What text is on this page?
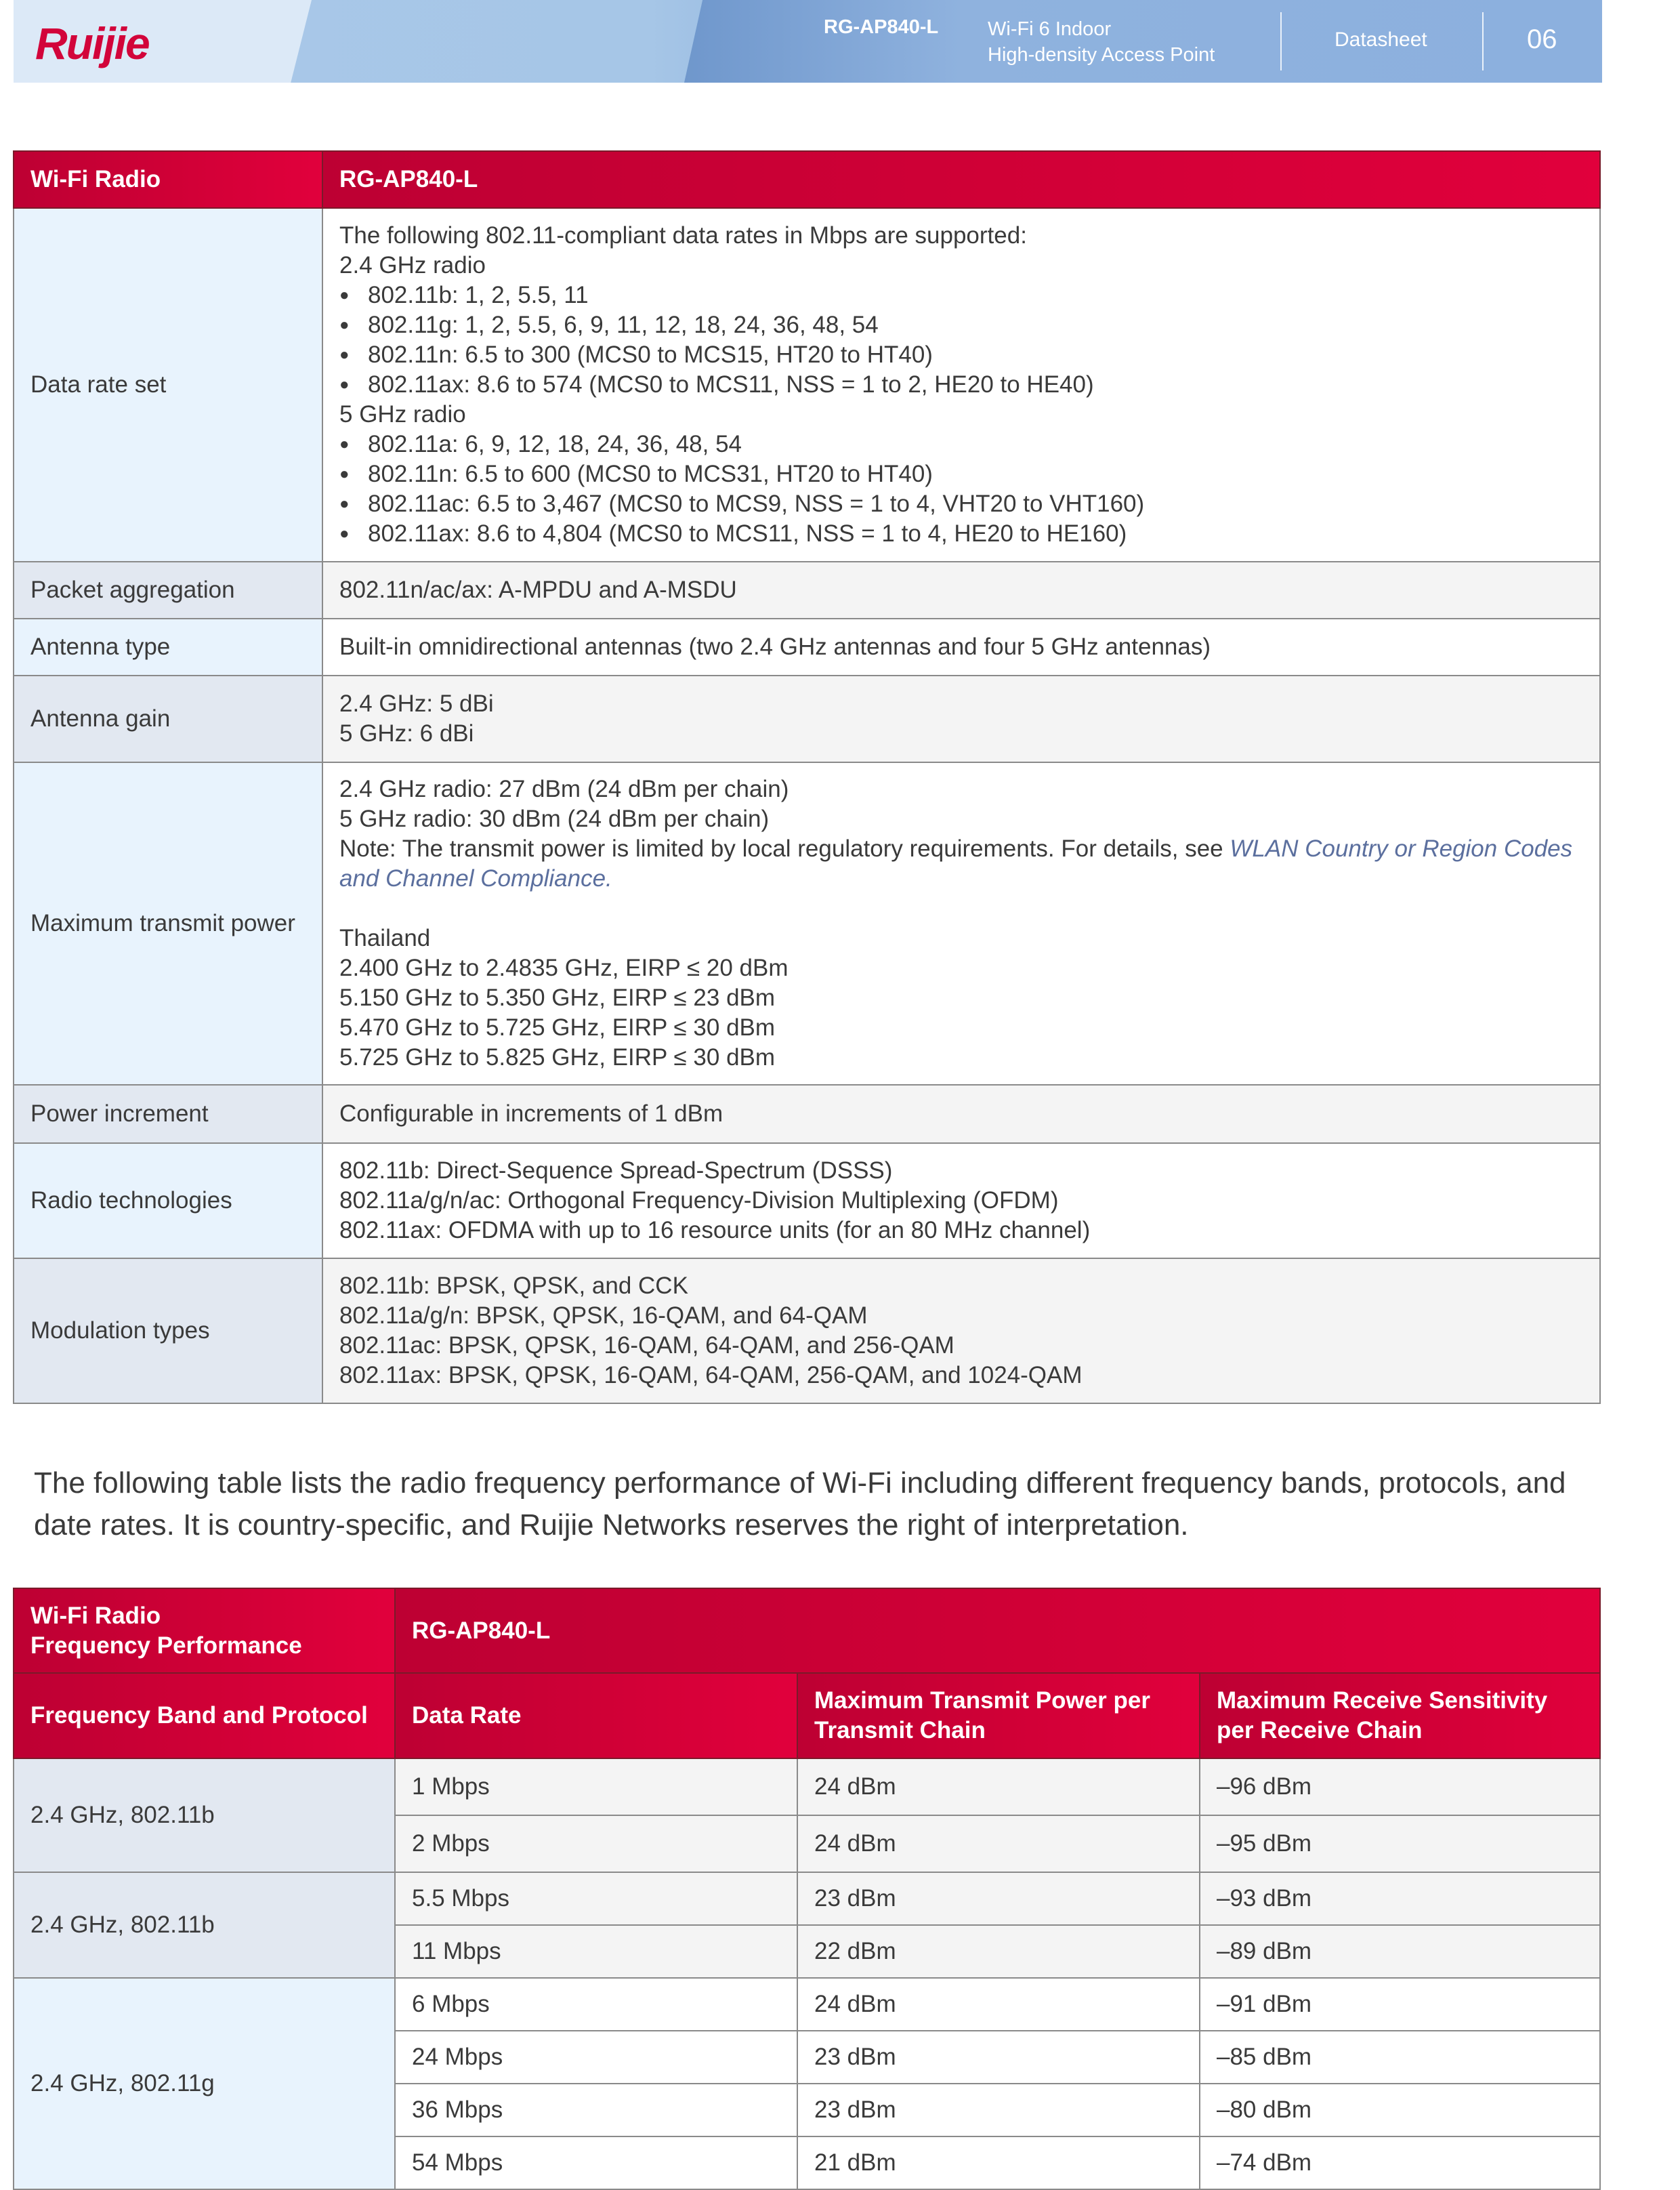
Ruijie	RG-AP840-L	Wi-Fi 6 Indoor
High-density Access Point
Datasheet	06
Wi-Fi Radio	RG-AP840-L
Data rate set	
The following 802.11-compliant data rates in Mbps are supported:
2.4 GHz radio
● 802.11b: 1, 2, 5.5, 11
● 802.11g: 1, 2, 5.5, 6, 9, 11, 12, 18, 24, 36, 48, 54
● 802.11n: 6.5 to 300 (MCS0 to MCS15, HT20 to HT40)
● 802.11ax: 8.6 to 574 (MCS0 to MCS11, NSS = 1 to 2, HE20 to HE40)
5 GHz radio
● 802.11a: 6, 9, 12, 18, 24, 36, 48, 54
● 802.11n: 6.5 to 600 (MCS0 to MCS31, HT20 to HT40)
● 802.11ac: 6.5 to 3,467 (MCS0 to MCS9, NSS = 1 to 4, VHT20 to VHT160)
● 802.11ax: 8.6 to 4,804 (MCS0 to MCS11, NSS = 1 to 4, HE20 to HE160)

Packet aggregation	802.11n/ac/ax: A-MPDU and A-MSDU
Antenna type	Built-in omnidirectional antennas (two 2.4 GHz antennas and four 5 GHz antennas)
Antenna gain	2.4 GHz: 5 dBi
5 GHz: 6 dBi

Maximum transmit power	
2.4 GHz radio: 27 dBm (24 dBm per chain)
5 GHz radio: 30 dBm (24 dBm per chain)
Note: The transmit power is limited by local regulatory requirements. For details, see WLAN Country or Region Codes and Channel Compliance.
Thailand
2.400 GHz to 2.4835 GHz, EIRP ≤ 20 dBm
5.150 GHz to 5.350 GHz, EIRP ≤ 23 dBm
5.470 GHz to 5.725 GHz, EIRP ≤ 30 dBm
5.725 GHz to 5.825 GHz, EIRP ≤ 30 dBm

Power increment	Configurable in increments of 1 dBm
Radio technologies	802.11b: Direct-Sequence Spread-Spectrum (DSSS)
802.11a/g/n/ac: Orthogonal Frequency-Division Multiplexing (OFDM)
802.11ax: OFDMA with up to 16 resource units (for an 80 MHz channel)

Modulation types	802.11b: BPSK, QPSK, and CCK
802.11a/g/n: BPSK, QPSK, 16-QAM, and 64-QAM
802.11ac: BPSK, QPSK, 16-QAM, 64-QAM, and 256-QAM
802.11ax: BPSK, QPSK, 16-QAM, 64-QAM, 256-QAM, and 1024-QAM
The following table lists the radio frequency performance of Wi-Fi including different frequency bands, protocols, and date rates. It is country-specific, and Ruijie Networks reserves the right of interpretation.
Wi-Fi Radio
Frequency Performance	RG-AP840-L		
Frequency Band and Protocol	Data Rate	Maximum Transmit Power per Transmit Chain	Maximum Receive Sensitivity per Receive Chain
2.4 GHz, 802.11b	1 Mbps	24 dBm	–96 dBm
	2 Mbps	24 dBm	–95 dBm
2.4 GHz, 802.11b	5.5 Mbps	23 dBm	–93 dBm
	11 Mbps	22 dBm	–89 dBm
2.4 GHz, 802.11g	6 Mbps	24 dBm	–91 dBm
	24 Mbps	23 dBm	–85 dBm
	36 Mbps	23 dBm	–80 dBm
	54 Mbps	21 dBm	–74 dBm
